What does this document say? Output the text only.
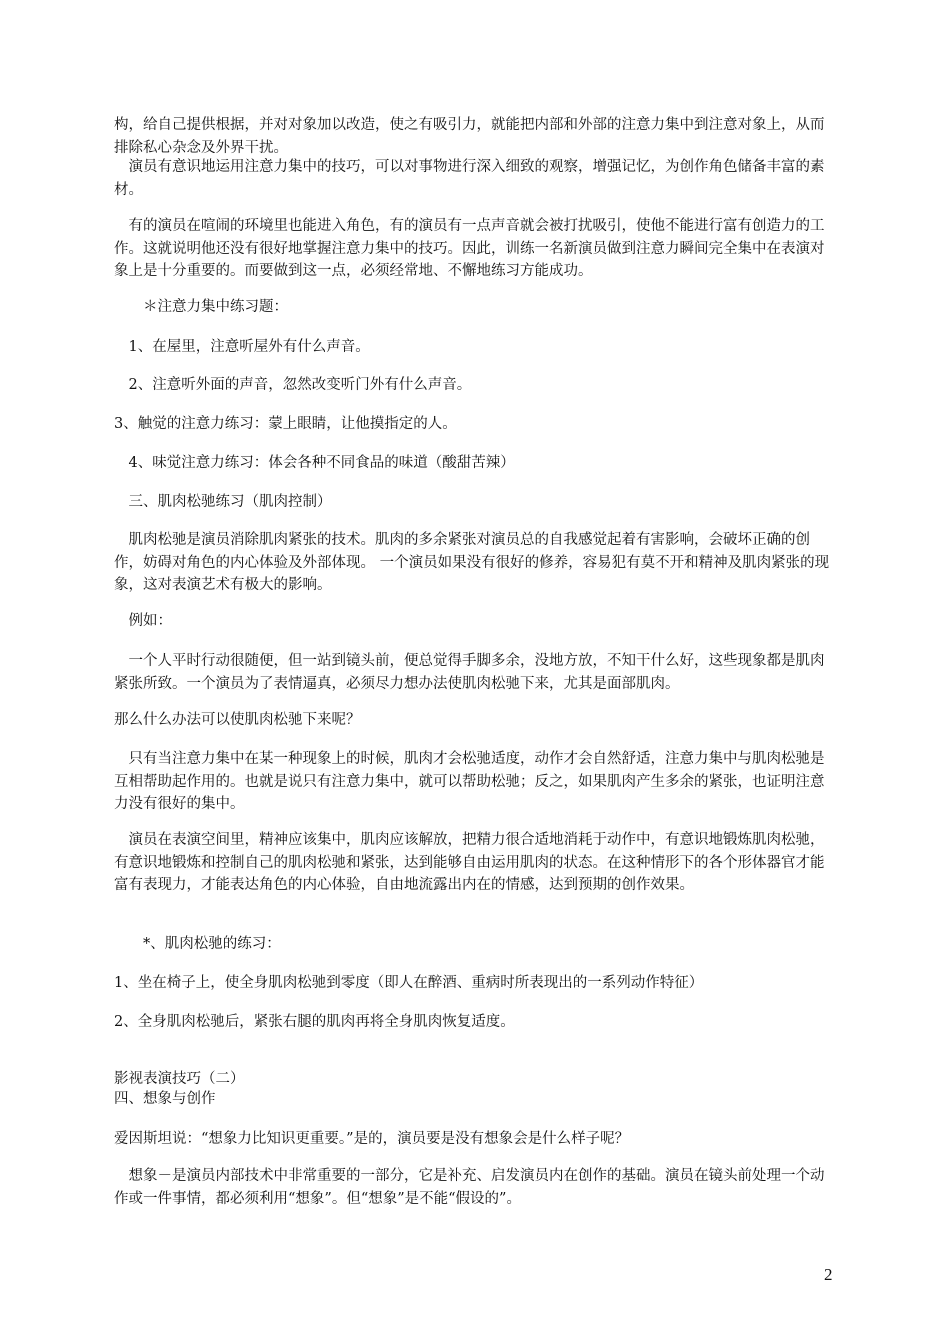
构，给自己提供根据，并对对象加以改造，使之有吸引力，就能把内部和外部的注意力集中到注意对象上，从而排除私心杂念及外界干扰。

　演员有意识地运用注意力集中的技巧，可以对事物进行深入细致的观察，增强记忆，为创作角色储备丰富的素材。

　有的演员在喧闹的环境里也能进入角色，有的演员有一点声音就会被打扰吸引，使他不能进行富有创造力的工作。这就说明他还没有很好地掌握注意力集中的技巧。因此，训练一名新演员做到注意力瞬间完全集中在表演对象上是十分重要的。而要做到这一点，必须经常地、不懈地练习方能成功。

　　＊注意力集中练习题：

　1、在屋里，注意听屋外有什么声音。

　2、注意听外面的声音，忽然改变听门外有什么声音。

3、触觉的注意力练习：蒙上眼睛，让他摸指定的人。

　4、味觉注意力练习：体会各种不同食品的味道（酸甜苦辣）

　三、肌肉松驰练习（肌肉控制）

　肌肉松驰是演员消除肌肉紧张的技术。肌肉的多余紧张对演员总的自我感觉起着有害影响，会破坏正确的创作，妨碍对角色的内心体验及外部体现。 一个演员如果没有很好的修养，容易犯有莫不开和精神及肌肉紧张的现象，这对表演艺术有极大的影响。

　例如：

　一个人平时行动很随便，但一站到镜头前，便总觉得手脚多余，没地方放，不知干什么好，这些现象都是肌肉紧张所致。一个演员为了表情逼真，必须尽力想办法使肌肉松驰下来，尤其是面部肌肉。

那么什么办法可以使肌肉松驰下来呢？

　只有当注意力集中在某一种现象上的时候，肌肉才会松驰适度，动作才会自然舒适，注意力集中与肌肉松驰是互相帮助起作用的。也就是说只有注意力集中，就可以帮助松驰；反之，如果肌肉产生多余的紧张，也证明注意力没有很好的集中。

　演员在表演空间里，精神应该集中，肌肉应该解放，把精力很合适地消耗于动作中，有意识地锻炼肌肉松驰，有意识地锻炼和控制自己的肌肉松驰和紧张，达到能够自由运用肌肉的状态。在这种情形下的各个形体器官才能富有表现力，才能表达角色的内心体验，自由地流露出内在的情感，达到预期的创作效果。

　　*、肌肉松驰的练习：

1、坐在椅子上，使全身肌肉松驰到零度（即人在醉酒、重病时所表现出的一系列动作特征）

2、全身肌肉松驰后，紧张右腿的肌肉再将全身肌肉恢复适度。

影视表演技巧（二）

四、想象与创作

爱因斯坦说：“想象力比知识更重要。”是的，演员要是没有想象会是什么样子呢？

　想象－是演员内部技术中非常重要的一部分，它是补充、启发演员内在创作的基础。演员在镜头前处理一个动作或一件事情，都必须利用“想象”。但“想象”是不能“假设的”。

2
